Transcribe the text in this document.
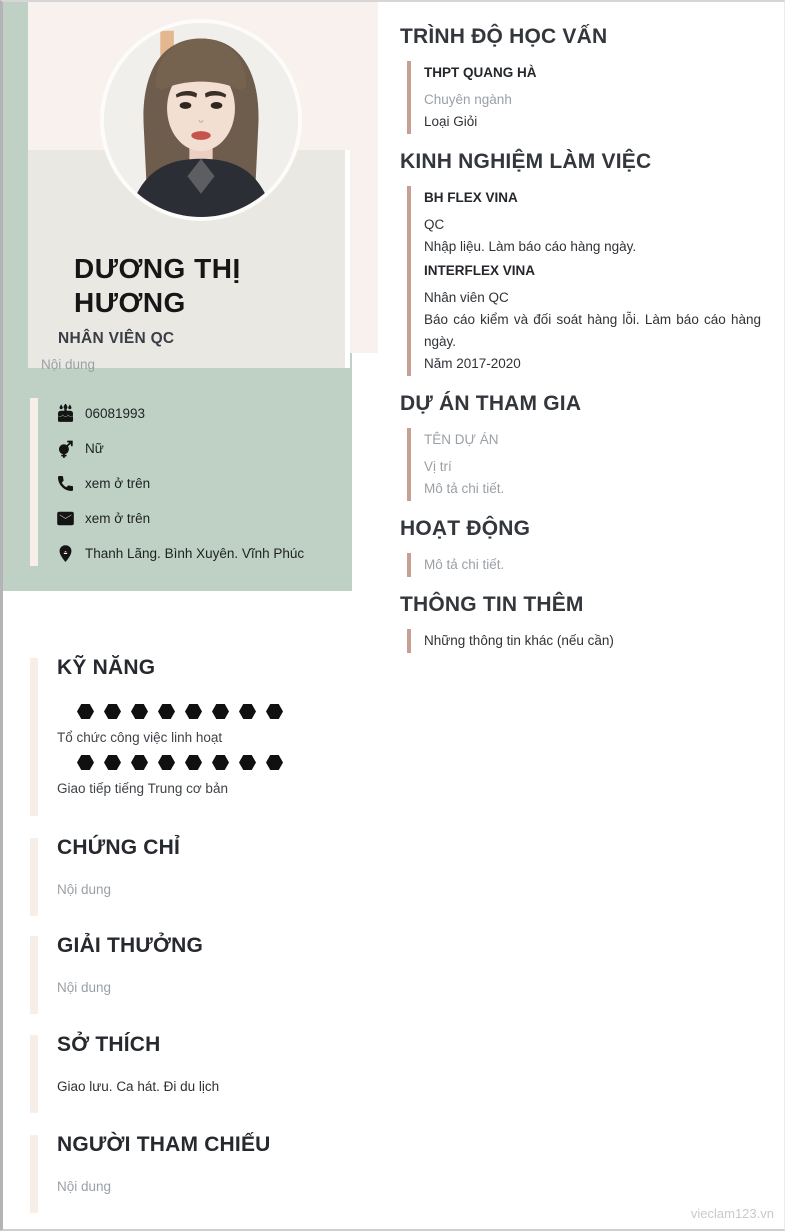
DƯƠNG THỊ HƯƠNG
NHÂN VIÊN QC
Nội dung
06081993
Nữ
xem ở trên
xem ở trên
Thanh Lãng. Bình Xuyên. Vĩnh Phúc
KỸ NĂNG
Tổ chức công việc linh hoạt
Giao tiếp tiếng Trung cơ bản
CHỨNG CHỈ
Nội dung
GIẢI THƯỞNG
Nội dung
SỞ THÍCH
Giao lưu. Ca hát. Đi du lịch
NGƯỜI THAM CHIẾU
Nội dung
TRÌNH ĐỘ HỌC VẤN
THPT QUANG HÀ
Chuyên ngành
Loại Giỏi
KINH NGHIỆM LÀM VIỆC
BH FLEX VINA
QC
Nhập liệu. Làm báo cáo hàng ngày.
INTERFLEX VINA
Nhân viên QC
Báo cáo kiểm và đối soát hàng lỗi. Làm báo cáo hàng ngày.
Năm 2017-2020
DỰ ÁN THAM GIA
TÊN DỰ ÁN
Vị trí
Mô tả chi tiết.
HOẠT ĐỘNG
Mô tả chi tiết.
THÔNG TIN THÊM
Những thông tin khác (nếu cần)
vieclam123.vn
